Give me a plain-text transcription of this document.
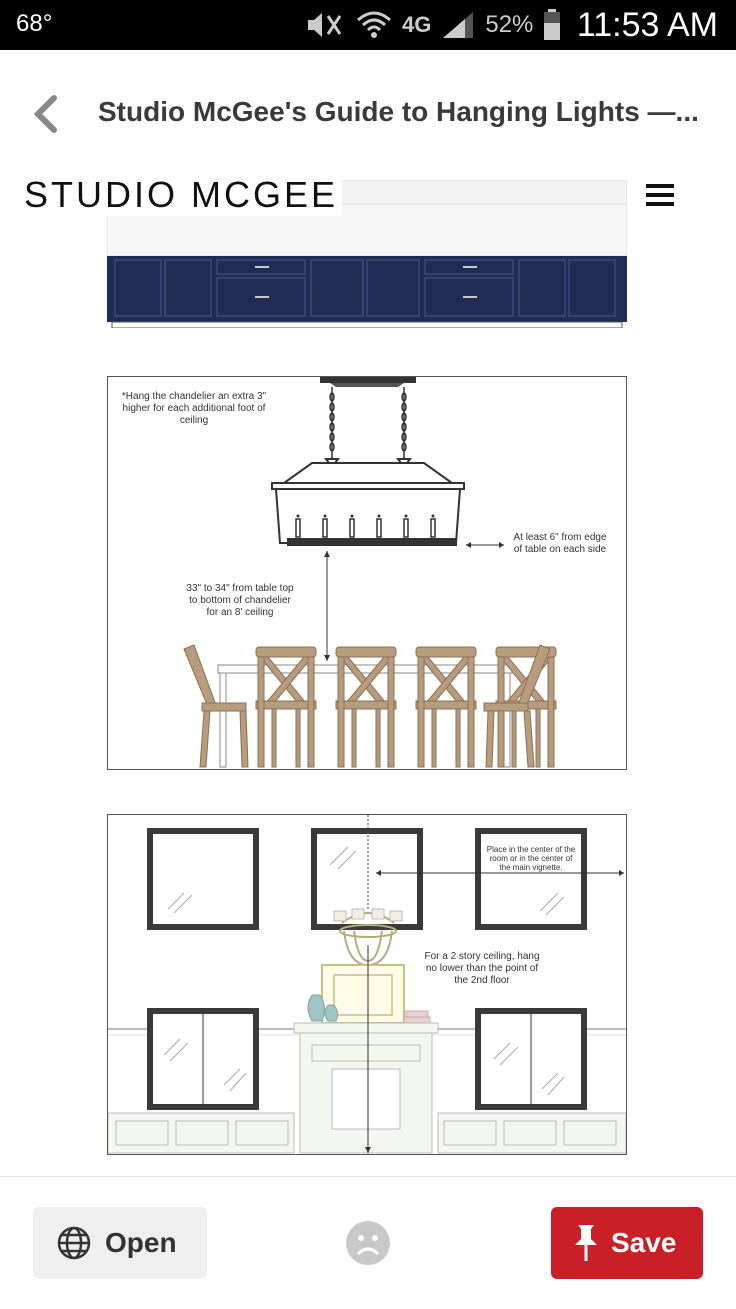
68°	4G 52% 11:53 AM
Studio McGee's Guide to Hanging Lights —...
*Hang the chandelier an extra 3" higher for each additional foot of ceiling
At least 6" from edge of table on each side
33" to 34" from table top to bottom of chandelier for an 8' ceiling
Place in the center of the room or in the center of the main vignette.
For a 2 story ceiling, hang no lower than the point of the 2nd floor
STUDIO MCGEE
Open	Save
